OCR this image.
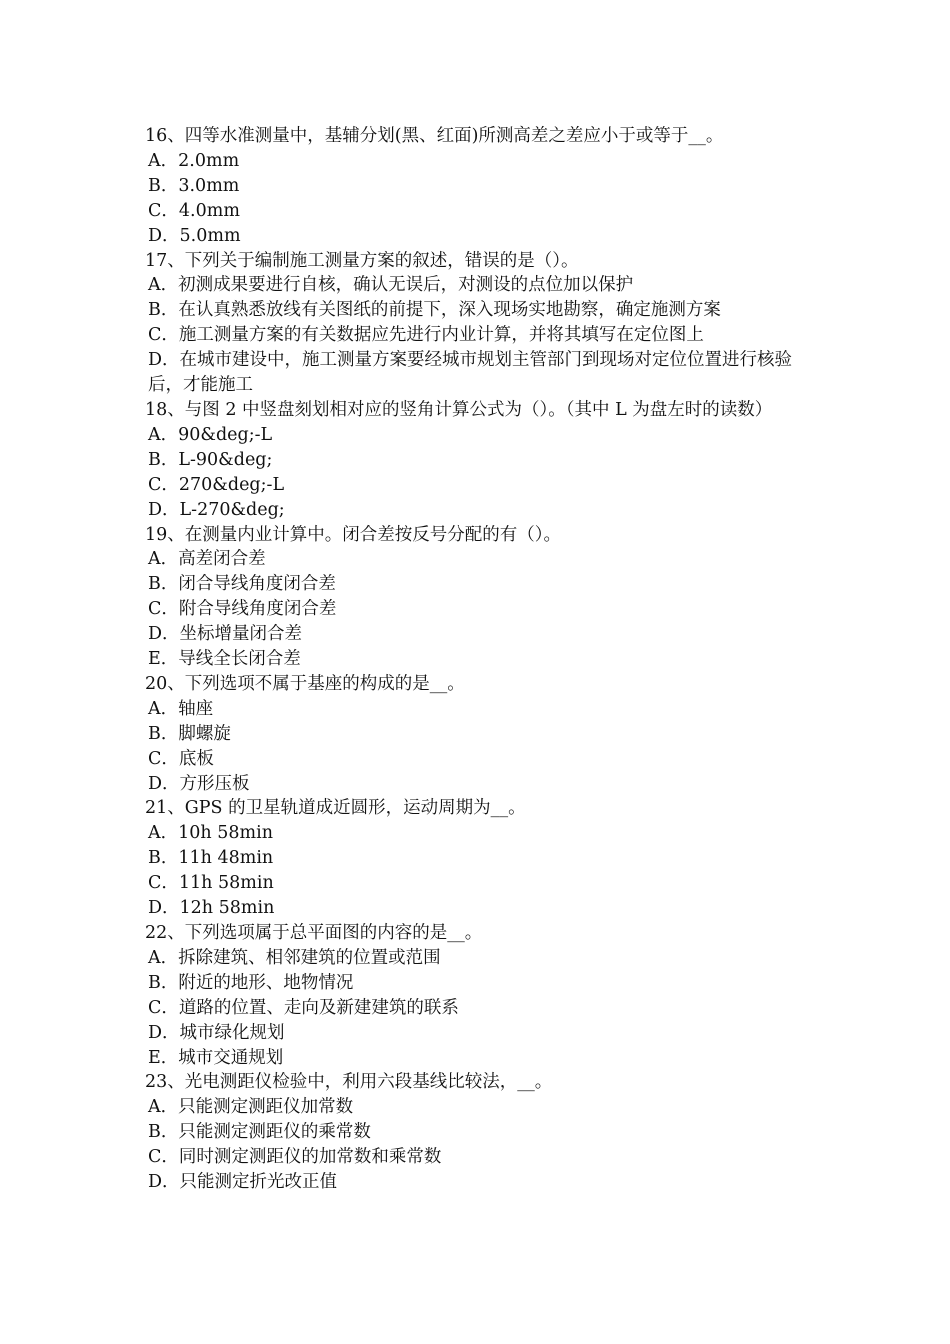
16、四等水准测量中，基辅分划(黑、红面)所测高差之差应小于或等于__。

A．2.0mm

B．3.0mm

C．4.0mm

D．5.0mm

17、下列关于编制施工测量方案的叙述，错误的是（）。

A．初测成果要进行自核，确认无误后，对测设的点位加以保护

B．在认真熟悉放线有关图纸的前提下，深入现场实地勘察，确定施测方案

C．施工测量方案的有关数据应先进行内业计算，并将其填写在定位图上

D．在城市建设中，施工测量方案要经城市规划主管部门到现场对定位位置进行核验后，才能施工

18、与图 2 中竖盘刻划相对应的竖角计算公式为（）。（其中 L 为盘左时的读数）

A．90&deg;-L

B．L-90&deg;

C．270&deg;-L

D．L-270&deg;

19、在测量内业计算中。闭合差按反号分配的有（）。

A．高差闭合差

B．闭合导线角度闭合差

C．附合导线角度闭合差

D．坐标增量闭合差

E．导线全长闭合差

20、下列选项不属于基座的构成的是__。

A．轴座

B．脚螺旋

C．底板

D．方形压板

21、GPS 的卫星轨道成近圆形，运动周期为__。

A．10h 58min

B．11h 48min

C．11h 58min

D．12h 58min

22、下列选项属于总平面图的内容的是__。

A．拆除建筑、相邻建筑的位置或范围

B．附近的地形、地物情况

C．道路的位置、走向及新建建筑的联系

D．城市绿化规划

E．城市交通规划

23、光电测距仪检验中，利用六段基线比较法，__。

A．只能测定测距仪加常数

B．只能测定测距仪的乘常数

C．同时测定测距仪的加常数和乘常数

D．只能测定折光改正值
